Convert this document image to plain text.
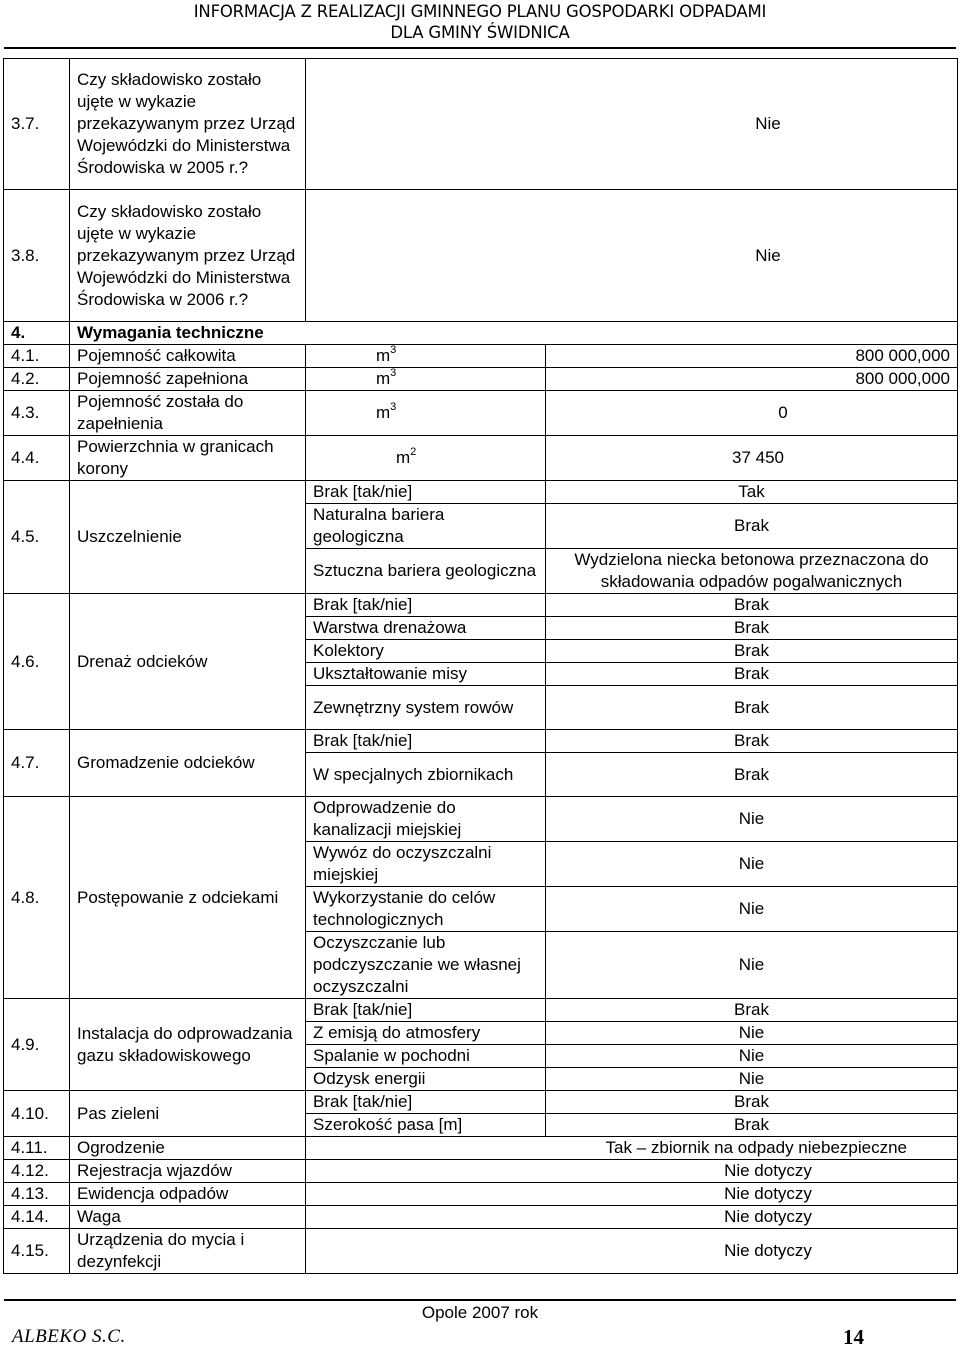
INFORMACJA Z REALIZACJI GMINNEGO PLANU GOSPODARKI ODPADAMI
DLA GMINY ŚWIDNICA
3.7.	Czy składowisko zostało ujęte w wykazie przekazywanym przez Urząd Wojewódzki do Ministerstwa Środowiska w 2005 r.?	Nie	
3.8.	Czy składowisko zostało ujęte w wykazie przekazywanym przez Urząd Wojewódzki do Ministerstwa Środowiska w 2006 r.?	Nie	
4.	Wymagania techniczne		
4.1.	Pojemność całkowita	$m^3$	800 000,000
4.2.	Pojemność zapełniona	$m^3$	800 000,000
4.3.	Pojemność została do zapełnienia	$m^3$	0
4.4.	Powierzchnia w granicach korony	$m^2$	37 450
4.5.	Uszczelnienie	Brak [tak/nie]	Tak
		Naturalna bariera geologiczna	Brak
		Sztuczna bariera geologiczna	Wydzielona niecka betonowa przeznaczona do składowania odpadów pogalwanicznych
4.6.	Drenaż odcieków	Brak [tak/nie]	Brak
		Warstwa drenażowa	Brak
		Kolektory	Brak
		Ukształtowanie misy	Brak
		Zewnętrzny system rowów	Brak
4.7.	Gromadzenie odcieków	Brak [tak/nie]	Brak
		W specjalnych zbiornikach	Brak
4.8.	Postępowanie z odciekami	Odprowadzenie do kanalizacji miejskiej	Nie
		Wywóz do oczyszczalni miejskiej	Nie
		Wykorzystanie do celów technologicznych	Nie
		Oczyszczanie lub podczyszczanie we własnej oczyszczalni	Nie
4.9.	Instalacja do odprowadzania gazu składowiskowego	Brak [tak/nie]	Brak
		Z emisją do atmosfery	Nie
		Spalanie w pochodni	Nie
		Odzysk energii	Nie
4.10.	Pas zieleni	Brak [tak/nie]	Brak
		Szerokość pasa [m]	Brak
4.11.	Ogrodzenie	Tak – zbiornik na odpady niebezpieczne	
4.12.	Rejestracja wjazdów	Nie dotyczy	
4.13.	Ewidencja odpadów	Nie dotyczy	
4.14.	Waga	Nie dotyczy	
4.15.	Urządzenia do mycia i dezynfekcji	Nie dotyczy	
Opole 2007 rok
ALBEKO S.C.	14
